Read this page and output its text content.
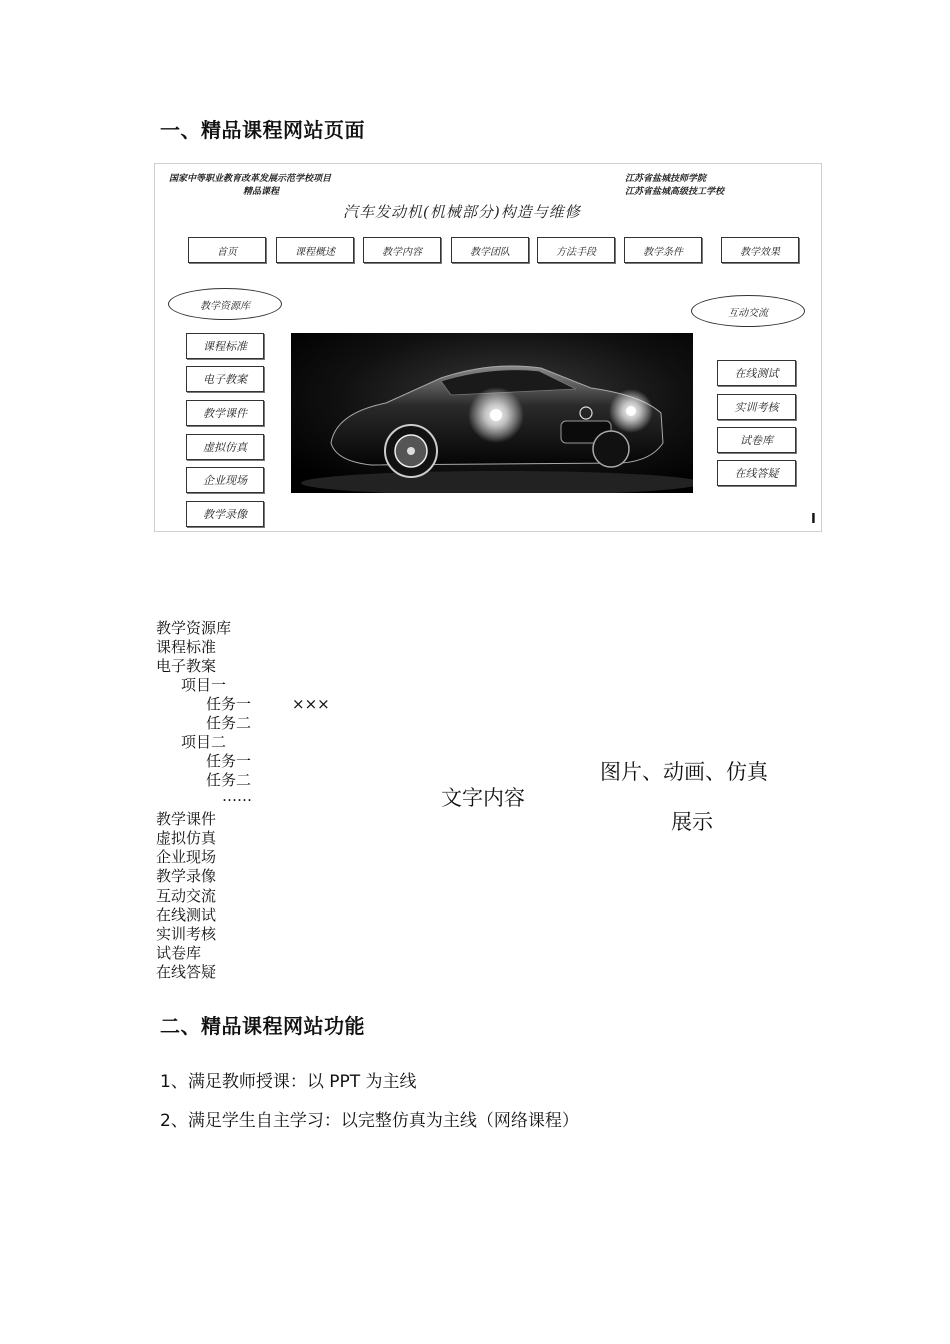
一、精品课程网站页面
国家中等职业教育改革发展示范学校项目
精品课程
江苏省盐城技师学院
江苏省盐城高级技工学校
汽车发动机(机械部分)构造与维修
首页	课程概述	教学内容	教学团队	方法手段	教学条件	教学效果
教学资源库
互动交流
课程标准
电子教案
教学课件
虚拟仿真
企业现场
教学录像
在线测试
实训考核
试卷库
在线答疑
I
教学资源库
课程标准
电子教案
项目一
任务一	×××
任务二
项目二
任务一
任务二
……	文字内容
图片、动画、仿真
展示
教学课件
虚拟仿真
企业现场
教学录像
互动交流
在线测试
实训考核
试卷库
在线答疑
二、精品课程网站功能
1、满足教师授课：以 PPT 为主线
2、满足学生自主学习：以完整仿真为主线（网络课程）
